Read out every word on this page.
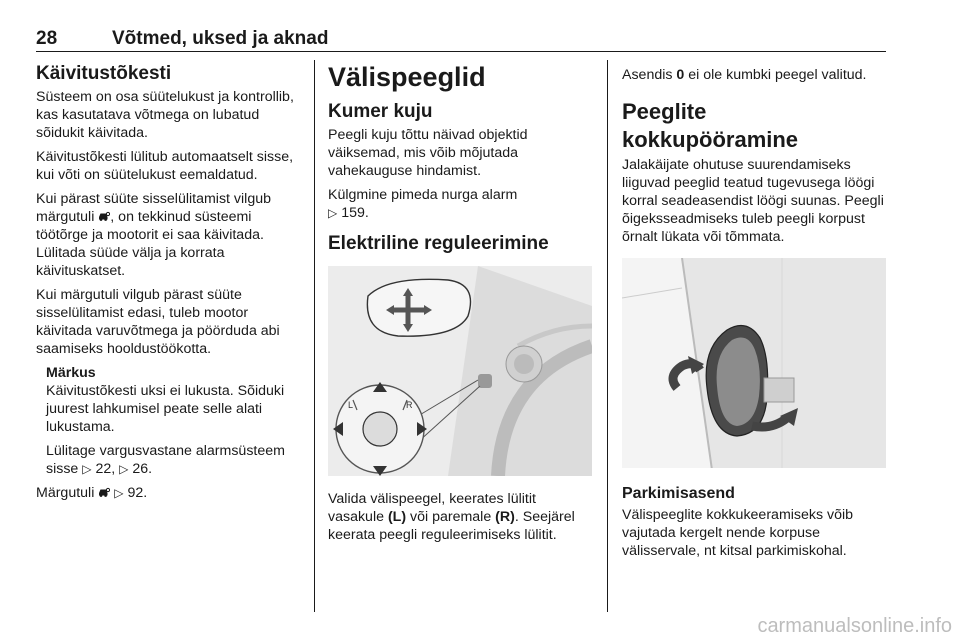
28	Võtmed, uksed ja aknad
Käivitustõkesti

Süsteem on osa süütelukust ja kontrollib, kas kasutatava võtmega on lubatud sõidukit käivitada.

Käivitustõkesti lülitub automaatselt sisse, kui võti on süütelukust eemaldatud.

Kui pärast süüte sisselülitamist vilgub märgutuli , on tekkinud süsteemi töötõrge ja mootorit ei saa käivitada. Lülitada süüde välja ja korrata käivituskatset.

Kui märgutuli vilgub pärast süüte sisselülitamist edasi, tuleb mootor käivitada varuvõtmega ja pöörduda abi saamiseks hooldustöökotta.

Märkus

Käivitustõkesti uksi ei lukusta. Sõiduki juurest lahkumisel peate selle alati lukustama.

Lülitage vargusvastane alarmsüsteem sisse ▷ 22, ▷ 26.

Märgutuli  ▷ 92.

Välispeeglid
Kumer kuju

Peegli kuju tõttu näivad objektid väiksemad, mis võib mõjutada vahekauguse hindamist.

Külgmine pimeda nurga alarm
▷ 159.

Elektriline reguleerimine
L	R

Valida välispeegel, keerates lülitit vasakule (L) või paremale (R). Seejärel keerata peegli reguleerimiseks lülitit.

Asendis 0 ei ole kumbki peegel valitud.

Peeglite kokkupööramine

Jalakäijate ohutuse suurendamiseks liiguvad peeglid teatud tugevusega löögi korral seadeasendist löögi suunas. Peegli õigeksseadmiseks tuleb peegli korpust õrnalt lükata või tõmmata.

Parkimisasend

Välispeeglite kokkukeeramiseks võib vajutada kergelt nende korpuse välisservale, nt kitsal parkimiskohal.

carmanualsonline.info
